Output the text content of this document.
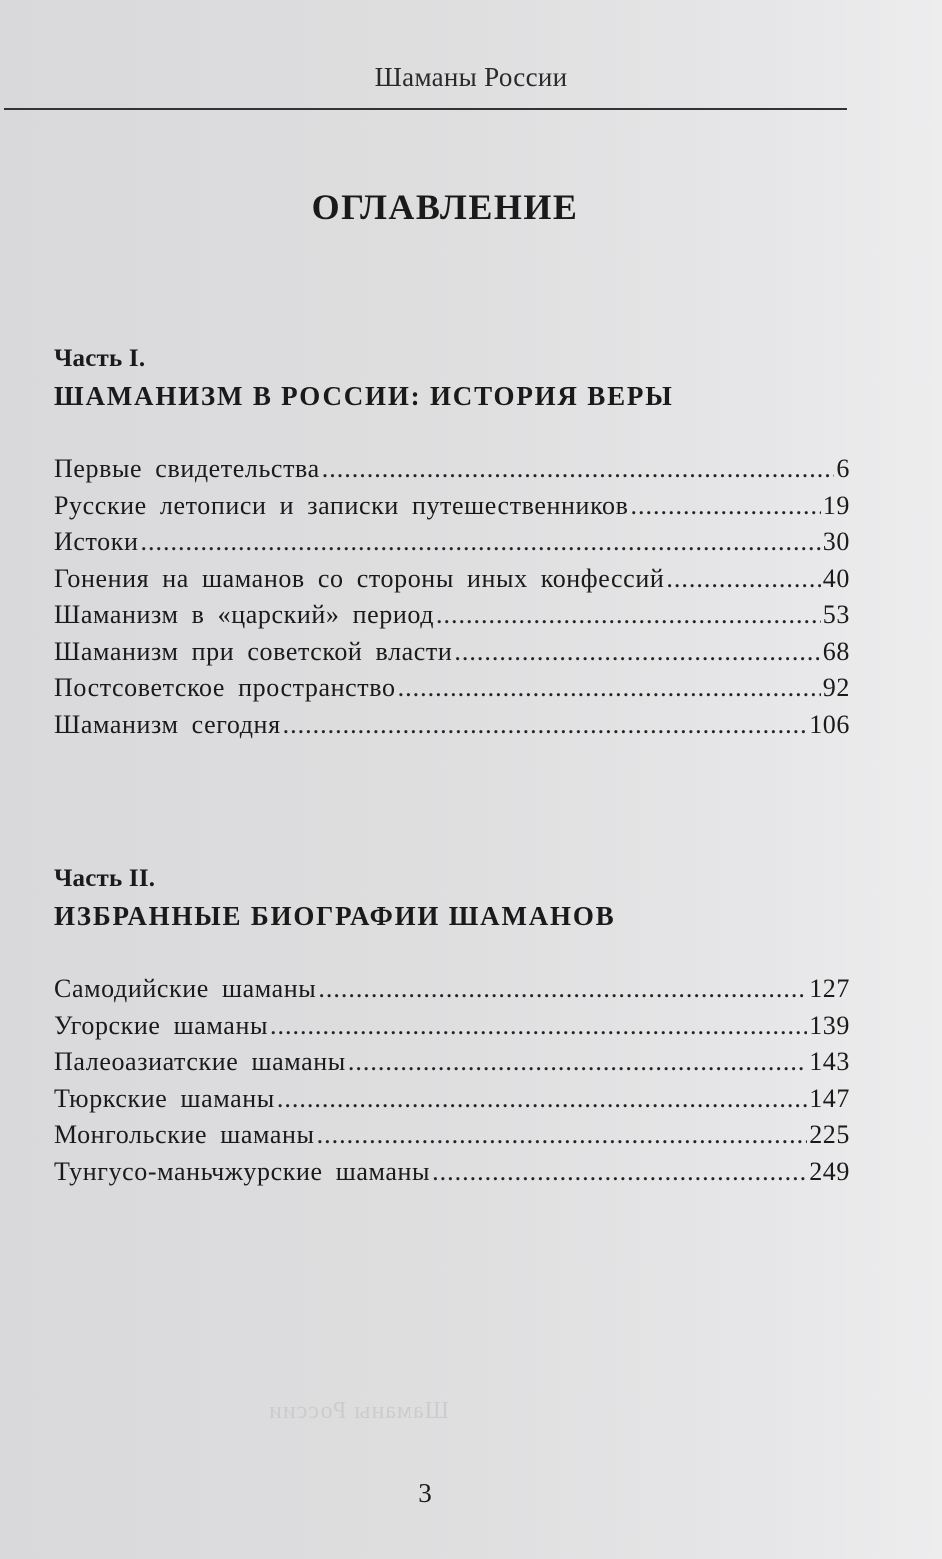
Шаманы России
ОГЛАВЛЕНИЕ
Часть I.
ШАМАНИЗМ В РОССИИ: ИСТОРИЯ ВЕРЫ
Первые свидетельства .....	6
Русские летописи и записки путешественников .....	19
Истоки .....	30
Гонения на шаманов со стороны иных конфессий .....	40
Шаманизм в «царский» период .....	53
Шаманизм при советской власти .....	68
Постсоветское пространство .....	92
Шаманизм сегодня .....	106
Часть II.
ИЗБРАННЫЕ БИОГРАФИИ ШАМАНОВ
Самодийские шаманы .....	127
Угорские шаманы .....	139
Палеоазиатские шаманы .....	143
Тюркские шаманы .....	147
Монгольские шаманы .....	225
Тунгусо-маньчжурские шаманы .....	249
Шаманы России
3
